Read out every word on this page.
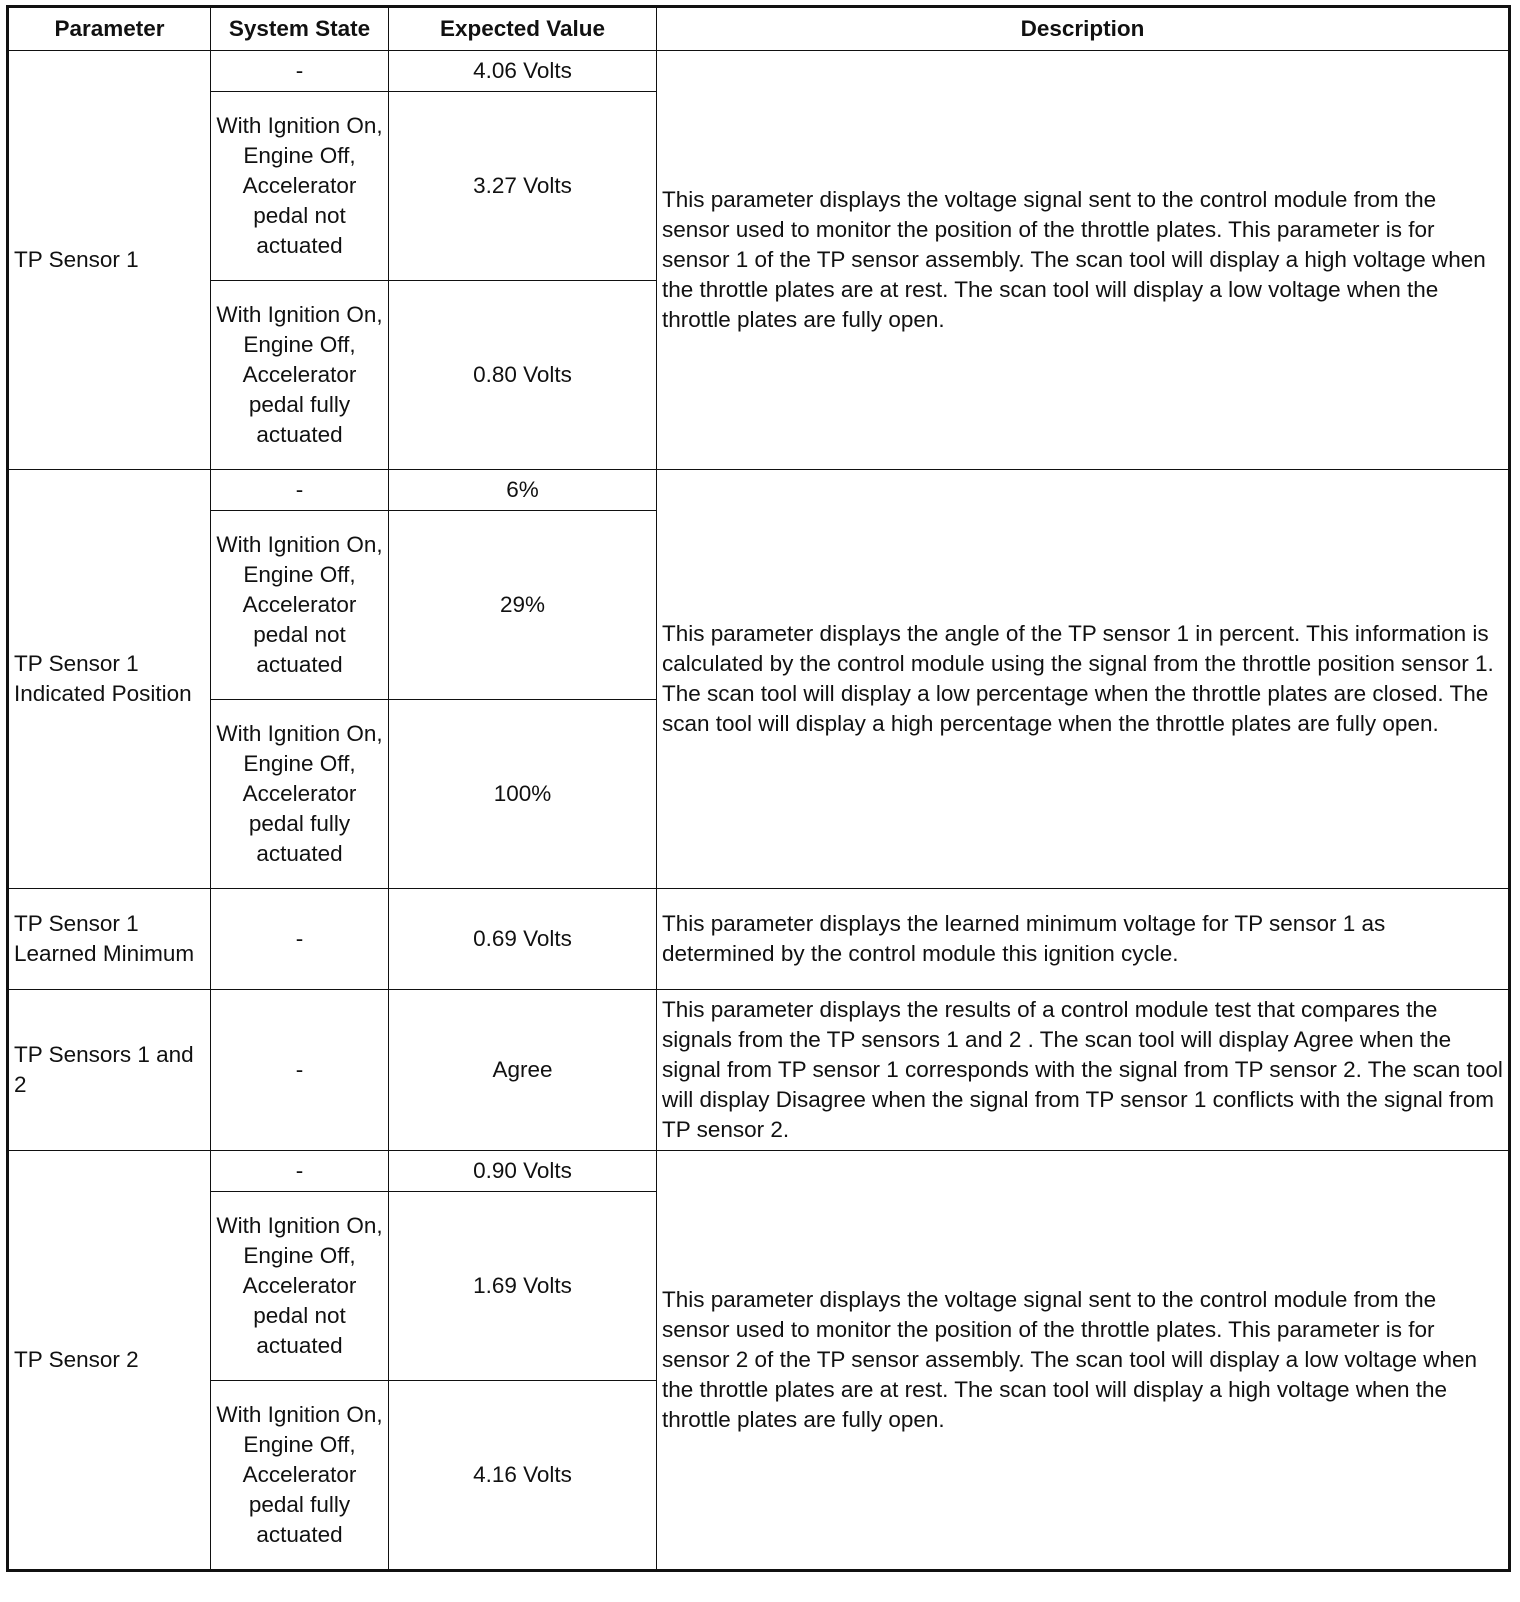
Parameter	System State	Expected Value	Description
TP Sensor 1	-	4.06 Volts	This parameter displays the voltage signal sent to the control module from the sensor used to monitor the position of the throttle plates. This parameter is for sensor 1 of the TP sensor assembly. The scan tool will display a high voltage when the throttle plates are at rest. The scan tool will display a low voltage when the throttle plates are fully open.
	With Ignition On, Engine Off, Accelerator pedal not actuated	3.27 Volts	
	With Ignition On, Engine Off, Accelerator pedal fully actuated	0.80 Volts	
TP Sensor 1 Indicated Position	-	6%	This parameter displays the angle of the TP sensor 1 in percent. This information is calculated by the control module using the signal from the throttle position sensor 1. The scan tool will display a low percentage when the throttle plates are closed. The scan tool will display a high percentage when the throttle plates are fully open.
	With Ignition On, Engine Off, Accelerator pedal not actuated	29%	
	With Ignition On, Engine Off, Accelerator pedal fully actuated	100%	
TP Sensor 1 Learned Minimum	-	0.69 Volts	This parameter displays the learned minimum voltage for TP sensor 1 as determined by the control module this ignition cycle.
TP Sensors 1 and 2	-	Agree	This parameter displays the results of a control module test that compares the signals from the TP sensors 1 and 2 . The scan tool will display Agree when the signal from TP sensor 1 corresponds with the signal from TP sensor 2. The scan tool will display Disagree when the signal from TP sensor 1 conflicts with the signal from TP sensor 2.
TP Sensor 2	-	0.90 Volts	This parameter displays the voltage signal sent to the control module from the sensor used to monitor the position of the throttle plates. This parameter is for sensor 2 of the TP sensor assembly. The scan tool will display a low voltage when the throttle plates are at rest. The scan tool will display a high voltage when the throttle plates are fully open.
	With Ignition On, Engine Off, Accelerator pedal not actuated	1.69 Volts	
	With Ignition On, Engine Off, Accelerator pedal fully actuated	4.16 Volts	
